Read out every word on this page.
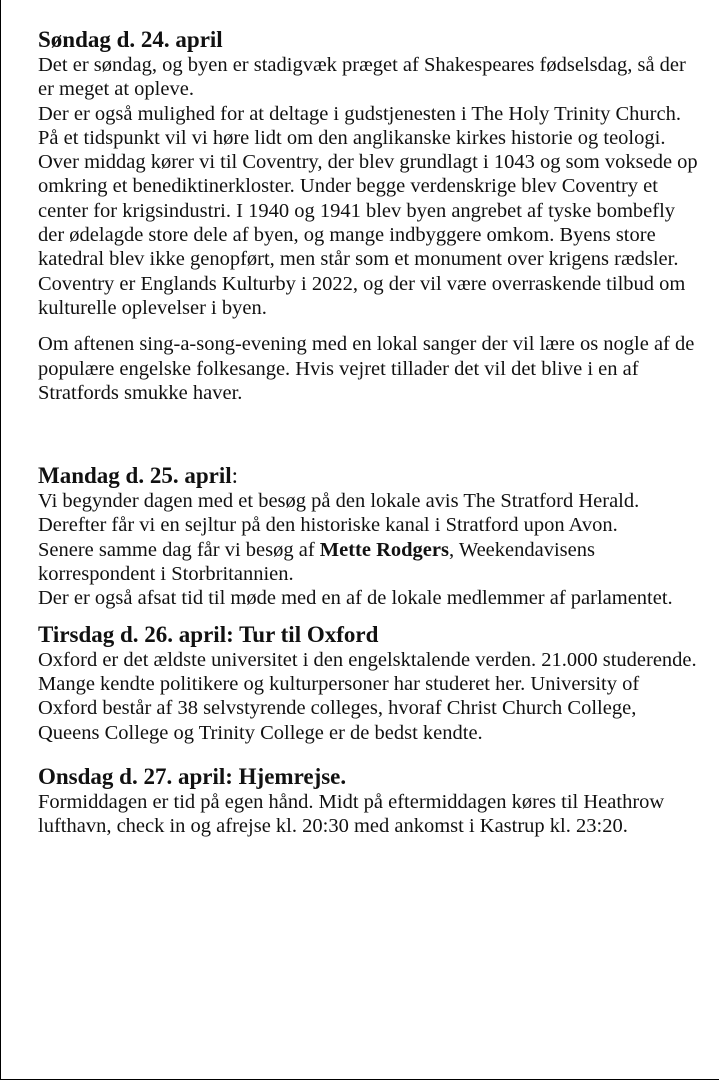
Søndag d. 24. april

Det er søndag, og byen er stadigvæk præget af Shakespeares fødselsdag, så der er meget at opleve.

Der er også mulighed for at deltage i gudstjenesten i The Holy Trinity Church. På et tidspunkt vil vi høre lidt om den anglikanske kirkes historie og teologi.

Over middag kører vi til Coventry, der blev grundlagt i 1043 og som voksede op omkring et benediktinerkloster. Under begge verdenskrige blev Coventry et center for krigsindustri. I 1940 og 1941 blev byen angrebet af tyske bombefly der ødelagde store dele af byen, og mange indbyggere omkom. Byens store katedral blev ikke genopført, men står som et monument over krigens rædsler. Coventry er Englands Kulturby i 2022, og der vil være overraskende tilbud om kulturelle oplevelser i byen.

Om aftenen sing-a-song-evening med en lokal sanger der vil lære os nogle af de populære engelske folkesange. Hvis vejret tillader det vil det blive i en af Stratfords smukke haver.

Mandag d. 25. april:

Vi begynder dagen med et besøg på den lokale avis The Stratford Herald. Derefter får vi en sejltur på den historiske kanal i Stratford upon Avon.

Senere samme dag får vi besøg af Mette Rodgers, Weekendavisens korrespondent i Storbritannien.

Der er også afsat tid til møde med en af de lokale medlemmer af parlamentet.

Tirsdag d. 26. april: Tur til Oxford

Oxford er det ældste universitet i den engelsktalende verden. 21.000 studerende. Mange kendte politikere og kulturpersoner har studeret her. University of Oxford består af 38 selvstyrende colleges, hvoraf Christ Church College, Queens College og Trinity College er de bedst kendte.

Onsdag d. 27. april: Hjemrejse.

Formiddagen er tid på egen hånd. Midt på eftermiddagen køres til Heathrow lufthavn, check in og afrejse kl. 20:30 med ankomst i Kastrup kl. 23:20.
